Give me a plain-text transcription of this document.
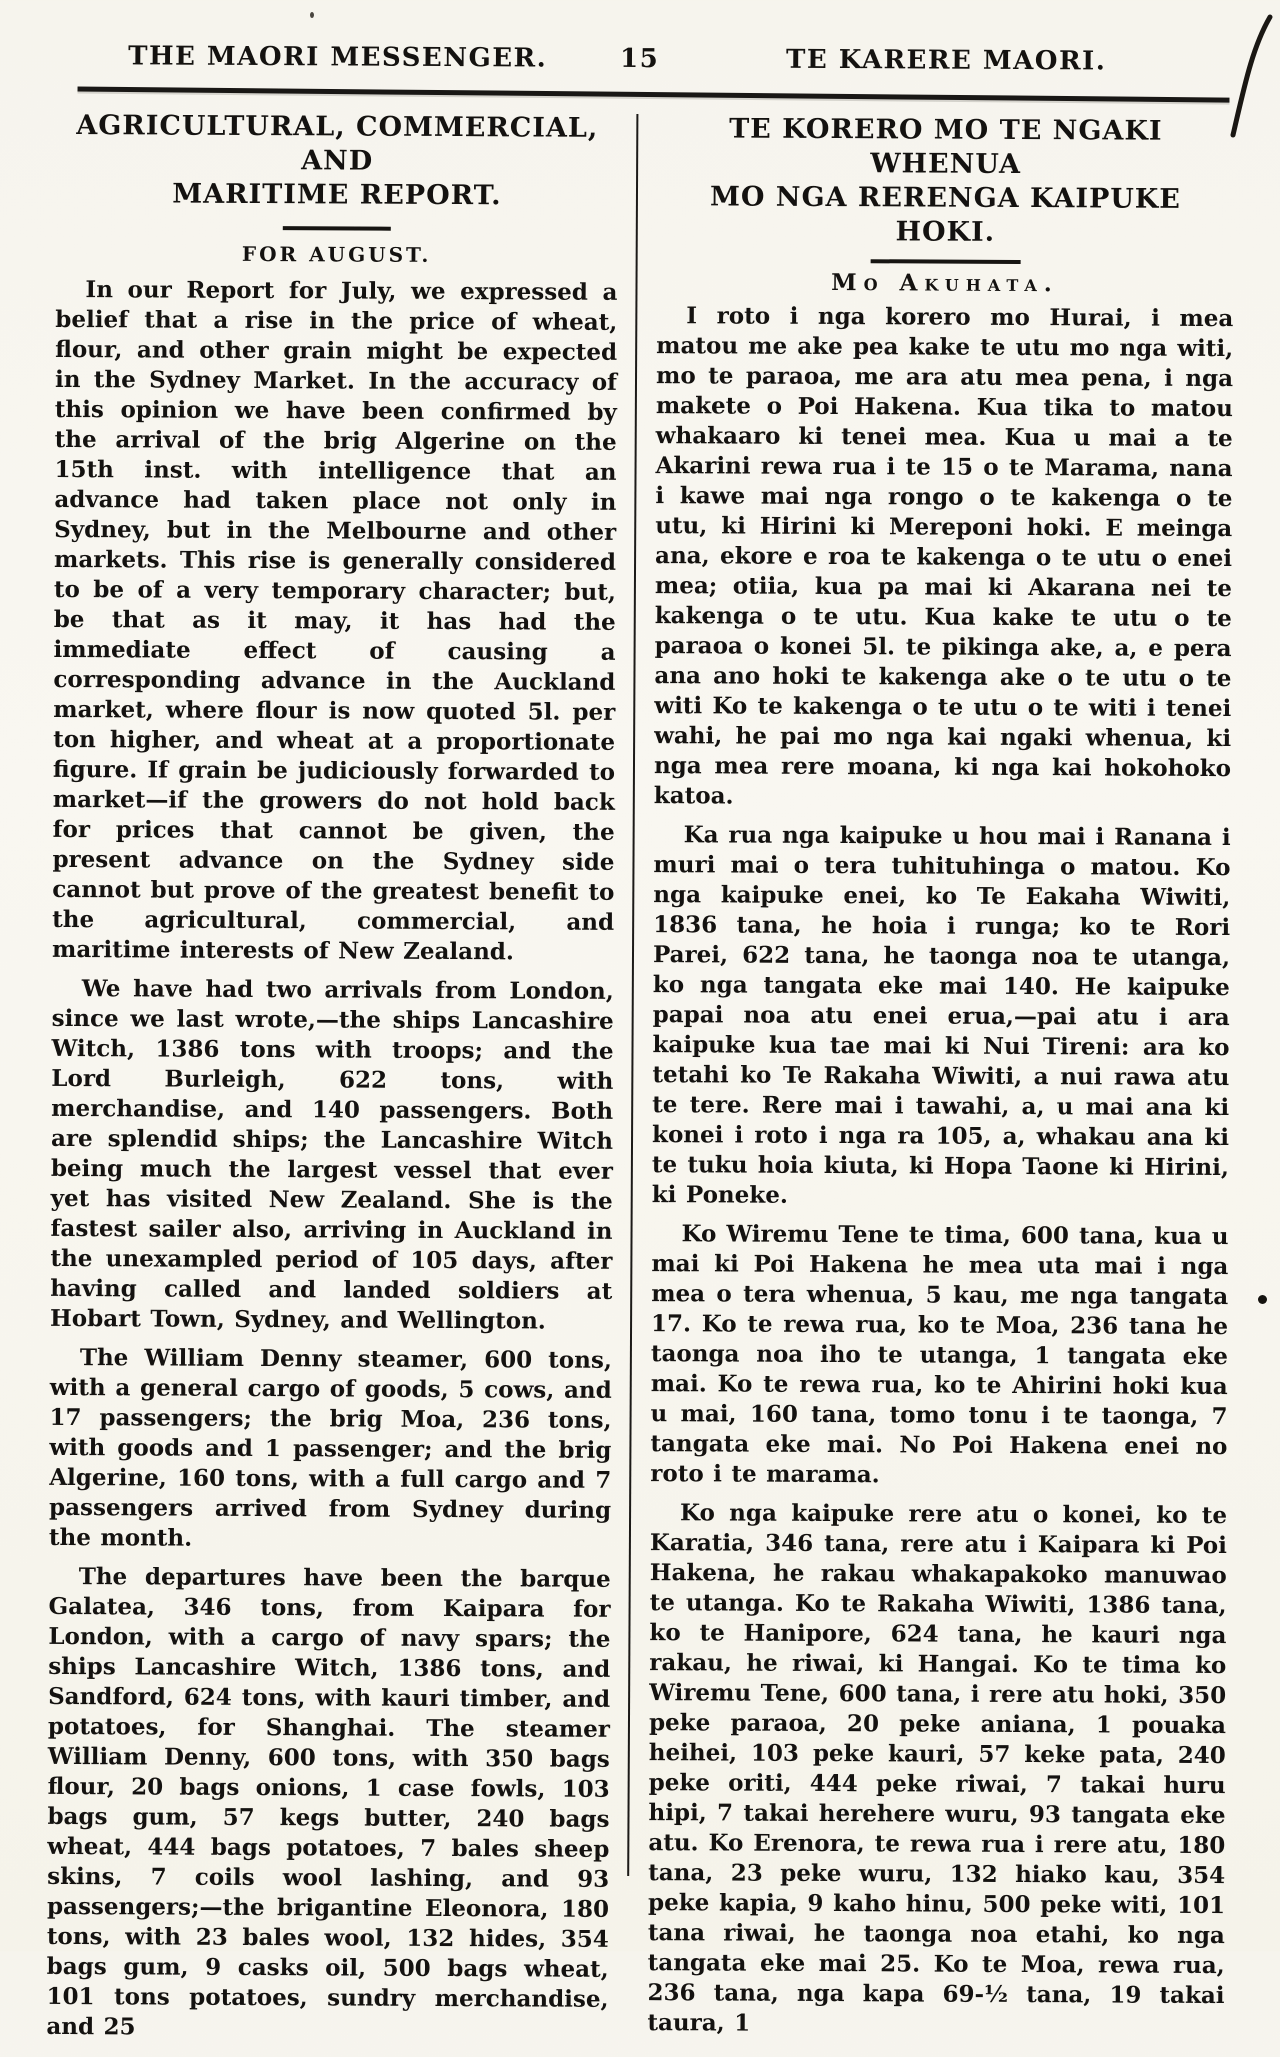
THE MAORI MESSENGER.	15	TE KARERE MAORI.
AGRICULTURAL, COMMERCIAL, AND
MARITIME REPORT.
FOR AUGUST.

In our Report for July, we expressed a belief that a rise in the price of wheat, flour, and other grain might be expected in the Sydney Market. In the accuracy of this opinion we have been confirmed by the arrival of the brig Algerine on the 15th inst. with intelligence that an advance had taken place not only in Sydney, but in the Melbourne and other markets. This rise is generally considered to be of a very temporary character; but, be that as it may, it has had the immediate effect of causing a corresponding advance in the Auckland market, where flour is now quoted 5l. per ton higher, and wheat at a proportionate figure. If grain be judiciously forwarded to market—if the growers do not hold back for prices that cannot be given, the present advance on the Sydney side cannot but prove of the greatest benefit to the agricultural, commercial, and maritime interests of New Zealand.

We have had two arrivals from London, since we last wrote,—the ships Lancashire Witch, 1386 tons with troops; and the Lord Burleigh, 622 tons, with merchandise, and 140 passengers. Both are splendid ships; the Lancashire Witch being much the largest vessel that ever yet has visited New Zealand. She is the fastest sailer also, arriving in Auckland in the unexampled period of 105 days, after having called and landed soldiers at Hobart Town, Sydney, and Wellington.

The William Denny steamer, 600 tons, with a general cargo of goods, 5 cows, and 17 passengers; the brig Moa, 236 tons, with goods and 1 passenger; and the brig Algerine, 160 tons, with a full cargo and 7 passengers arrived from Sydney during the month.

The departures have been the barque Galatea, 346 tons, from Kaipara for London, with a cargo of navy spars; the ships Lancashire Witch, 1386 tons, and Sandford, 624 tons, with kauri timber, and potatoes, for Shanghai. The steamer William Denny, 600 tons, with 350 bags flour, 20 bags onions, 1 case fowls, 103 bags gum, 57 kegs butter, 240 bags wheat, 444 bags potatoes, 7 bales sheep skins, 7 coils wool lashing, and 93 passengers;—the brigantine Eleonora, 180 tons, with 23 bales wool, 132 hides, 354 bags gum, 9 casks oil, 500 bags wheat, 101 tons potatoes, sundry merchandise, and 25

TE KORERO MO TE NGAKI WHENUA
MO NGA RERENGA KAIPUKE HOKI.
Mo Akuhata.

I roto i nga korero mo Hurai, i mea matou me ake pea kake te utu mo nga witi, mo te paraoa, me ara atu mea pena, i nga makete o Poi Hakena. Kua tika to matou whakaaro ki tenei mea. Kua u mai a te Akarini rewa rua i te 15 o te Marama, nana i kawe mai nga rongo o te kakenga o te utu, ki Hirini ki Mereponi hoki. E meinga ana, ekore e roa te kakenga o te utu o enei mea; otiia, kua pa mai ki Akarana nei te kakenga o te utu. Kua kake te utu o te paraoa o konei 5l. te pikinga ake, a, e pera ana ano hoki te kakenga ake o te utu o te witi Ko te kakenga o te utu o te witi i tenei wahi, he pai mo nga kai ngaki whenua, ki nga mea rere moana, ki nga kai hokohoko katoa.

Ka rua nga kaipuke u hou mai i Ranana i muri mai o tera tuhituhinga o matou. Ko nga kaipuke enei, ko Te Eakaha Wiwiti, 1836 tana, he hoia i runga; ko te Rori Parei, 622 tana, he taonga noa te utanga, ko nga tangata eke mai 140. He kaipuke papai noa atu enei erua,—pai atu i ara kaipuke kua tae mai ki Nui Tireni: ara ko tetahi ko Te Rakaha Wiwiti, a nui rawa atu te tere. Rere mai i tawahi, a, u mai ana ki konei i roto i nga ra 105, a, whakau ana ki te tuku hoia kiuta, ki Hopa Taone ki Hirini, ki Poneke.

Ko Wiremu Tene te tima, 600 tana, kua u mai ki Poi Hakena he mea uta mai i nga mea o tera whenua, 5 kau, me nga tangata 17. Ko te rewa rua, ko te Moa, 236 tana he taonga noa iho te utanga, 1 tangata eke mai. Ko te rewa rua, ko te Ahirini hoki kua u mai, 160 tana, tomo tonu i te taonga, 7 tangata eke mai. No Poi Hakena enei no roto i te marama.

Ko nga kaipuke rere atu o konei, ko te Karatia, 346 tana, rere atu i Kaipara ki Poi Hakena, he rakau whakapakoko manuwao te utanga. Ko te Rakaha Wiwiti, 1386 tana, ko te Hanipore, 624 tana, he kauri nga rakau, he riwai, ki Hangai. Ko te tima ko Wiremu Tene, 600 tana, i rere atu hoki, 350 peke paraoa, 20 peke aniana, 1 pouaka heihei, 103 peke kauri, 57 keke pata, 240 peke oriti, 444 peke riwai, 7 takai huru hipi, 7 takai herehere wuru, 93 tangata eke atu. Ko Erenora, te rewa rua i rere atu, 180 tana, 23 peke wuru, 132 hiako kau, 354 peke kapia, 9 kaho hinu, 500 peke witi, 101 tana riwai, he taonga noa etahi, ko nga tangata eke mai 25. Ko te Moa, rewa rua, 236 tana, nga kapa 69-½ tana, 19 takai taura, 1
